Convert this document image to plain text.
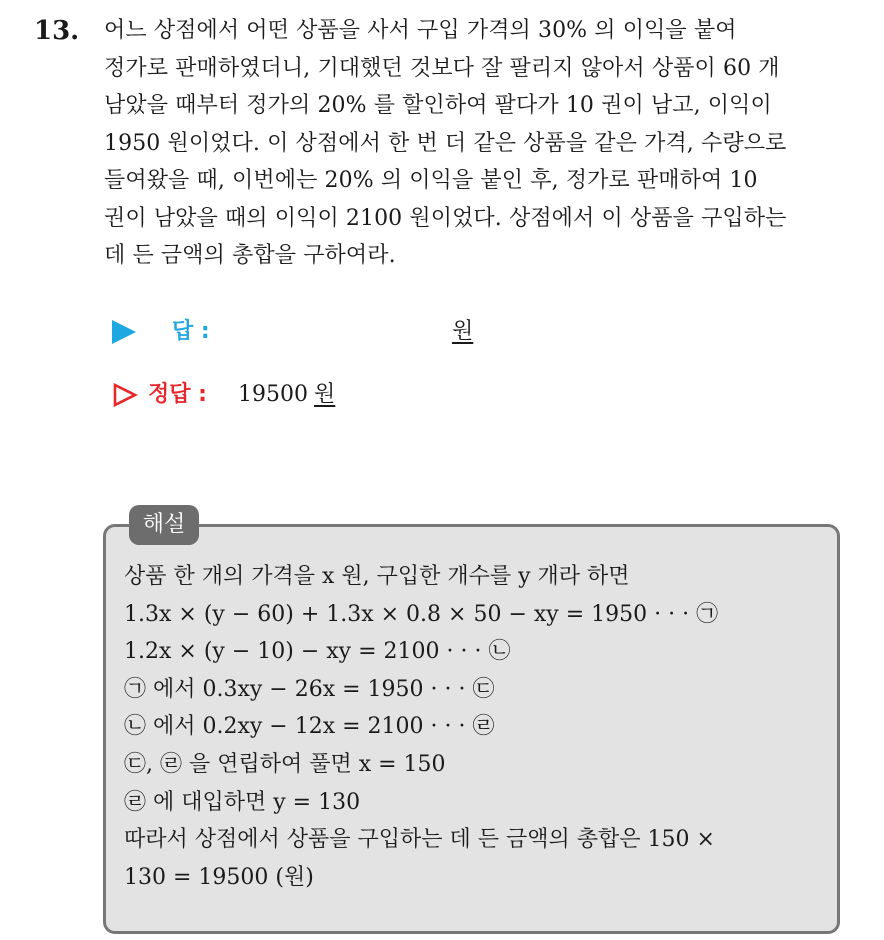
13. 어느 상점에서 어떤 상품을 사서 구입 가격의 30% 의 이익을 붙여
정가로 판매하였더니, 기대했던 것보다 잘 팔리지 않아서 상품이 60 개
남았을 때부터 정가의 20% 를 할인하여 팔다가 10 권이 남고, 이익이
1950 원이었다. 이 상점에서 한 번 더 같은 상품을 같은 가격, 수량으로
들여왔을 때, 이번에는 20% 의 이익을 붙인 후, 정가로 판매하여 10
권이 남았을 때의 이익이 2100 원이었다. 상점에서 이 상품을 구입하는
데 든 금액의 총합을 구하여라.
답 :	원
정답 : 19500 원
해설
상품 한 개의 가격을 x 원, 구입한 개수를 y 개라 하면
1.3x × (y − 60) + 1.3x × 0.8 × 50 − xy = 1950 · · · ㉠
1.2x × (y − 10) − xy = 2100 · · · ㉡
㉠ 에서 0.3xy − 26x = 1950 · · · ㉢
㉡ 에서 0.2xy − 12x = 2100 · · · ㉣
㉢, ㉣ 을 연립하여 풀면 x = 150
㉣ 에 대입하면 y = 130
따라서 상점에서 상품을 구입하는 데 든 금액의 총합은 150 ×
130 = 19500 (원)
